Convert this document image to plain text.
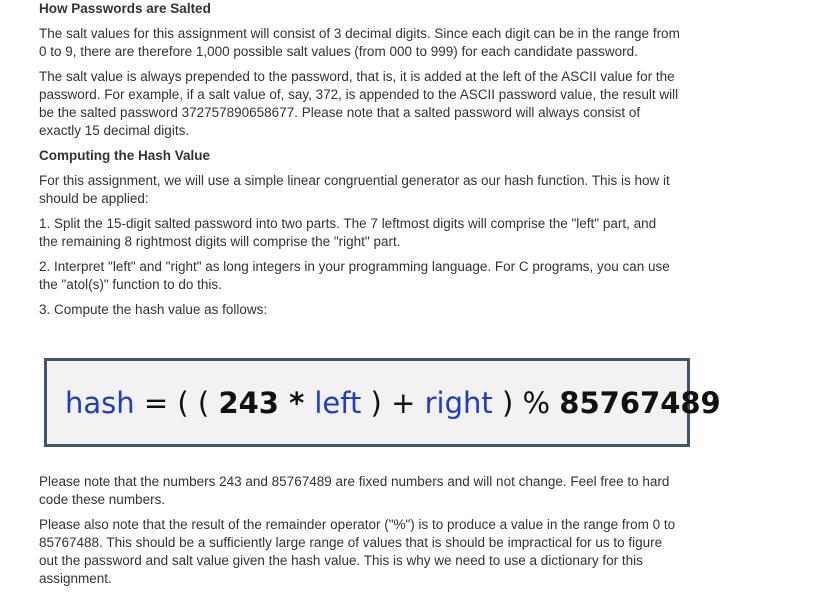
How Passwords are Salted

The salt values for this assignment will consist of 3 decimal digits. Since each digit can be in the range from

0 to 9, there are therefore 1,000 possible salt values (from 000 to 999) for each candidate password.

The salt value is always prepended to the password, that is, it is added at the left of the ASCII value for the

password. For example, if a salt value of, say, 372, is appended to the ASCII password value, the result will

be the salted password 372757890658677. Please note that a salted password will always consist of

exactly 15 decimal digits.

Computing the Hash Value

For this assignment, we will use a simple linear congruential generator as our hash function. This is how it

should be applied:

1. Split the 15-digit salted password into two parts. The 7 leftmost digits will comprise the "left" part, and

the remaining 8 rightmost digits will comprise the "right" part.

2. Interpret "left" and "right" as long integers in your programming language. For C programs, you can use

the "atol(s)" function to do this.

3. Compute the hash value as follows:

hash = ( ( 243 * left ) + right ) % 85767489

Please note that the numbers 243 and 85767489 are fixed numbers and will not change. Feel free to hard

code these numbers.

Please also note that the result of the remainder operator ("%") is to produce a value in the range from 0 to

85767488. This should be a sufficiently large range of values that is should be impractical for us to figure

out the password and salt value given the hash value. This is why we need to use a dictionary for this

assignment.
